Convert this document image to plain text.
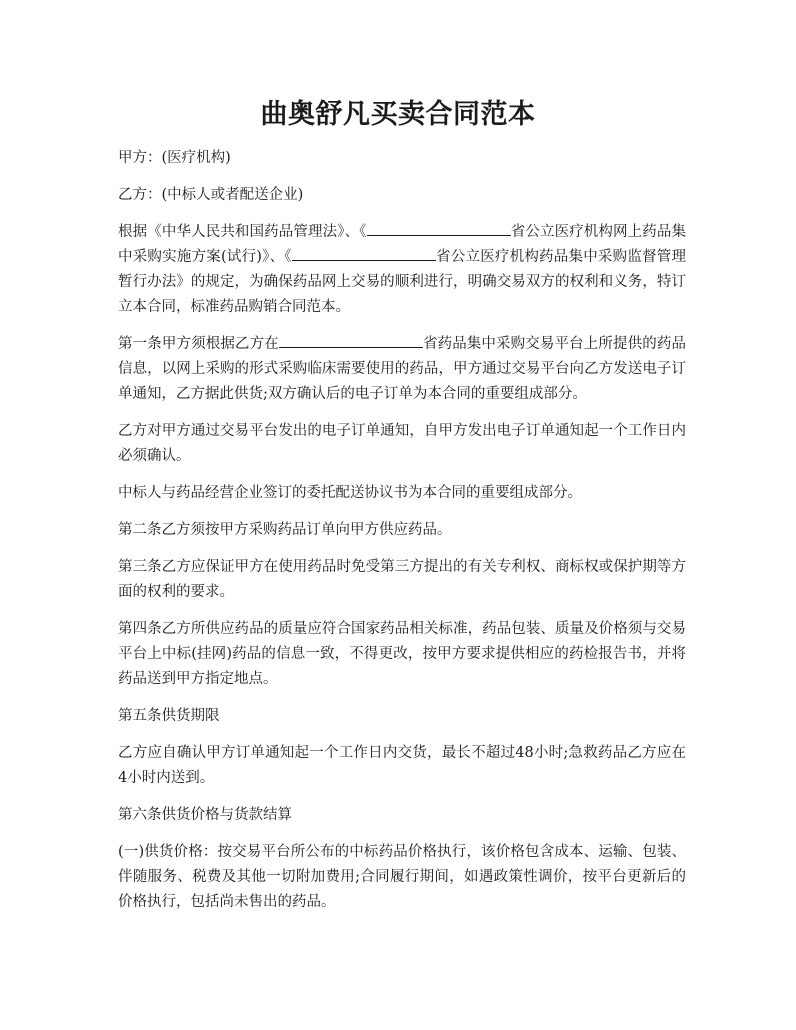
曲奥舒凡买卖合同范本

甲方：(医疗机构)

乙方：(中标人或者配送企业)

根据《中华人民共和国药品管理法》、《	省公立医疗机构网上药品集中采购实施方案(试行)》、《	省公立医疗机构药品集中采购监督管理暂行办法》的规定，为确保药品网上交易的顺利进行，明确交易双方的权利和义务，特订立本合同，标准药品购销合同范本。

第一条甲方须根据乙方在	省药品集中采购交易平台上所提供的药品信息，以网上采购的形式采购临床需要使用的药品，甲方通过交易平台向乙方发送电子订单通知，乙方据此供货;双方确认后的电子订单为本合同的重要组成部分。

乙方对甲方通过交易平台发出的电子订单通知，自甲方发出电子订单通知起一个工作日内必须确认。

中标人与药品经营企业签订的委托配送协议书为本合同的重要组成部分。

第二条乙方须按甲方采购药品订单向甲方供应药品。

第三条乙方应保证甲方在使用药品时免受第三方提出的有关专利权、商标权或保护期等方面的权利的要求。

第四条乙方所供应药品的质量应符合国家药品相关标准，药品包装、质量及价格须与交易平台上中标(挂网)药品的信息一致，不得更改，按甲方要求提供相应的药检报告书，并将药品送到甲方指定地点。

第五条供货期限

乙方应自确认甲方订单通知起一个工作日内交货，最长不超过48小时;急救药品乙方应在4小时内送到。

第六条供货价格与货款结算

(一)供货价格：按交易平台所公布的中标药品价格执行，该价格包含成本、运输、包装、伴随服务、税费及其他一切附加费用;合同履行期间，如遇政策性调价，按平台更新后的价格执行，包括尚未售出的药品。
